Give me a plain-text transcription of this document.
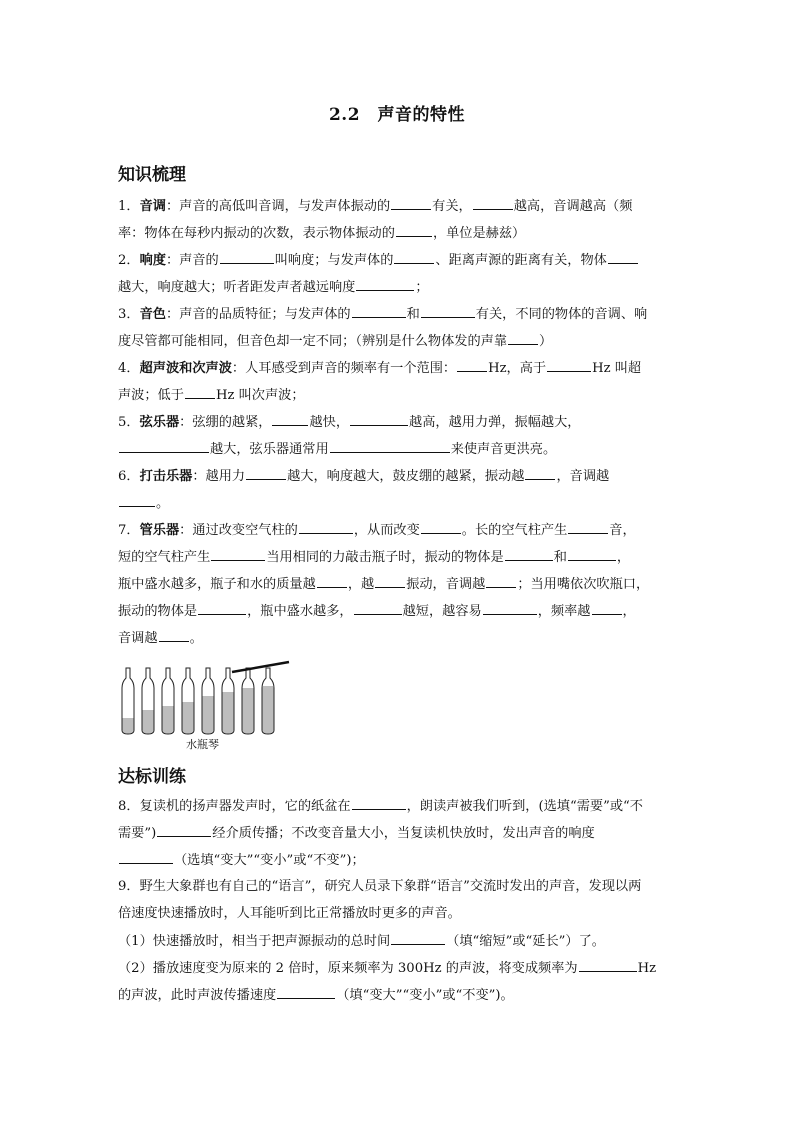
2.2　声音的特性
知识梳理
1．音调：声音的高低叫音调，与发声体振动的	有关，	越高，音调越高（频
率：物体在每秒内振动的次数，表示物体振动的	，单位是赫兹）
2．响度：声音的	叫响度；与发声体的	、距离声源的距离有关，物体
越大，响度越大；听者距发声者越远响度	；
3．音色：声音的品质特征；与发声体的	和	有关，不同的物体的音调、响
度尽管都可能相同，但音色却一定不同；（辨别是什么物体发的声靠 ）
4．超声波和次声波：人耳感受到声音的频率有一个范围： Hz，高于	Hz 叫超
声波；低于 Hz 叫次声波；
5．弦乐器：弦绷的越紧，	越快，	越高，越用力弹，振幅越大，
越大，弦乐器通常用	来使声音更洪亮。
6．打击乐器：越用力	越大，响度越大，鼓皮绷的越紧，振动越 ，音调越
。
7．管乐器：通过改变空气柱的	，从而改变	。长的空气柱产生	音，
短的空气柱产生	当用相同的力敲击瓶子时，振动的物体是	和	，
瓶中盛水越多，瓶子和水的质量越 ，越 振动，音调越 ；当用嘴依次吹瓶口，
振动的物体是	，瓶中盛水越多，	越短，越容易	，频率越 ，
音调越 。
水瓶琴
达标训练
8．复读机的扬声器发声时，它的纸盆在	，朗读声被我们听到，(选填“需要”或“不
需要”)	经介质传播；不改变音量大小，当复读机快放时，发出声音的响度
（选填“变大”“变小”或“不变”)；
9．野生大象群也有自己的“语言”，研究人员录下象群“语言”交流时发出的声音，发现以两
倍速度快速播放时，人耳能听到比正常播放时更多的声音。
（1）快速播放时，相当于把声源振动的总时间	（填“缩短”或“延长”）了。
（2）播放速度变为原来的 2 倍时，原来频率为 300Hz 的声波，将变成频率为	Hz
的声波，此时声波传播速度	（填“变大”“变小”或“不变”)。
